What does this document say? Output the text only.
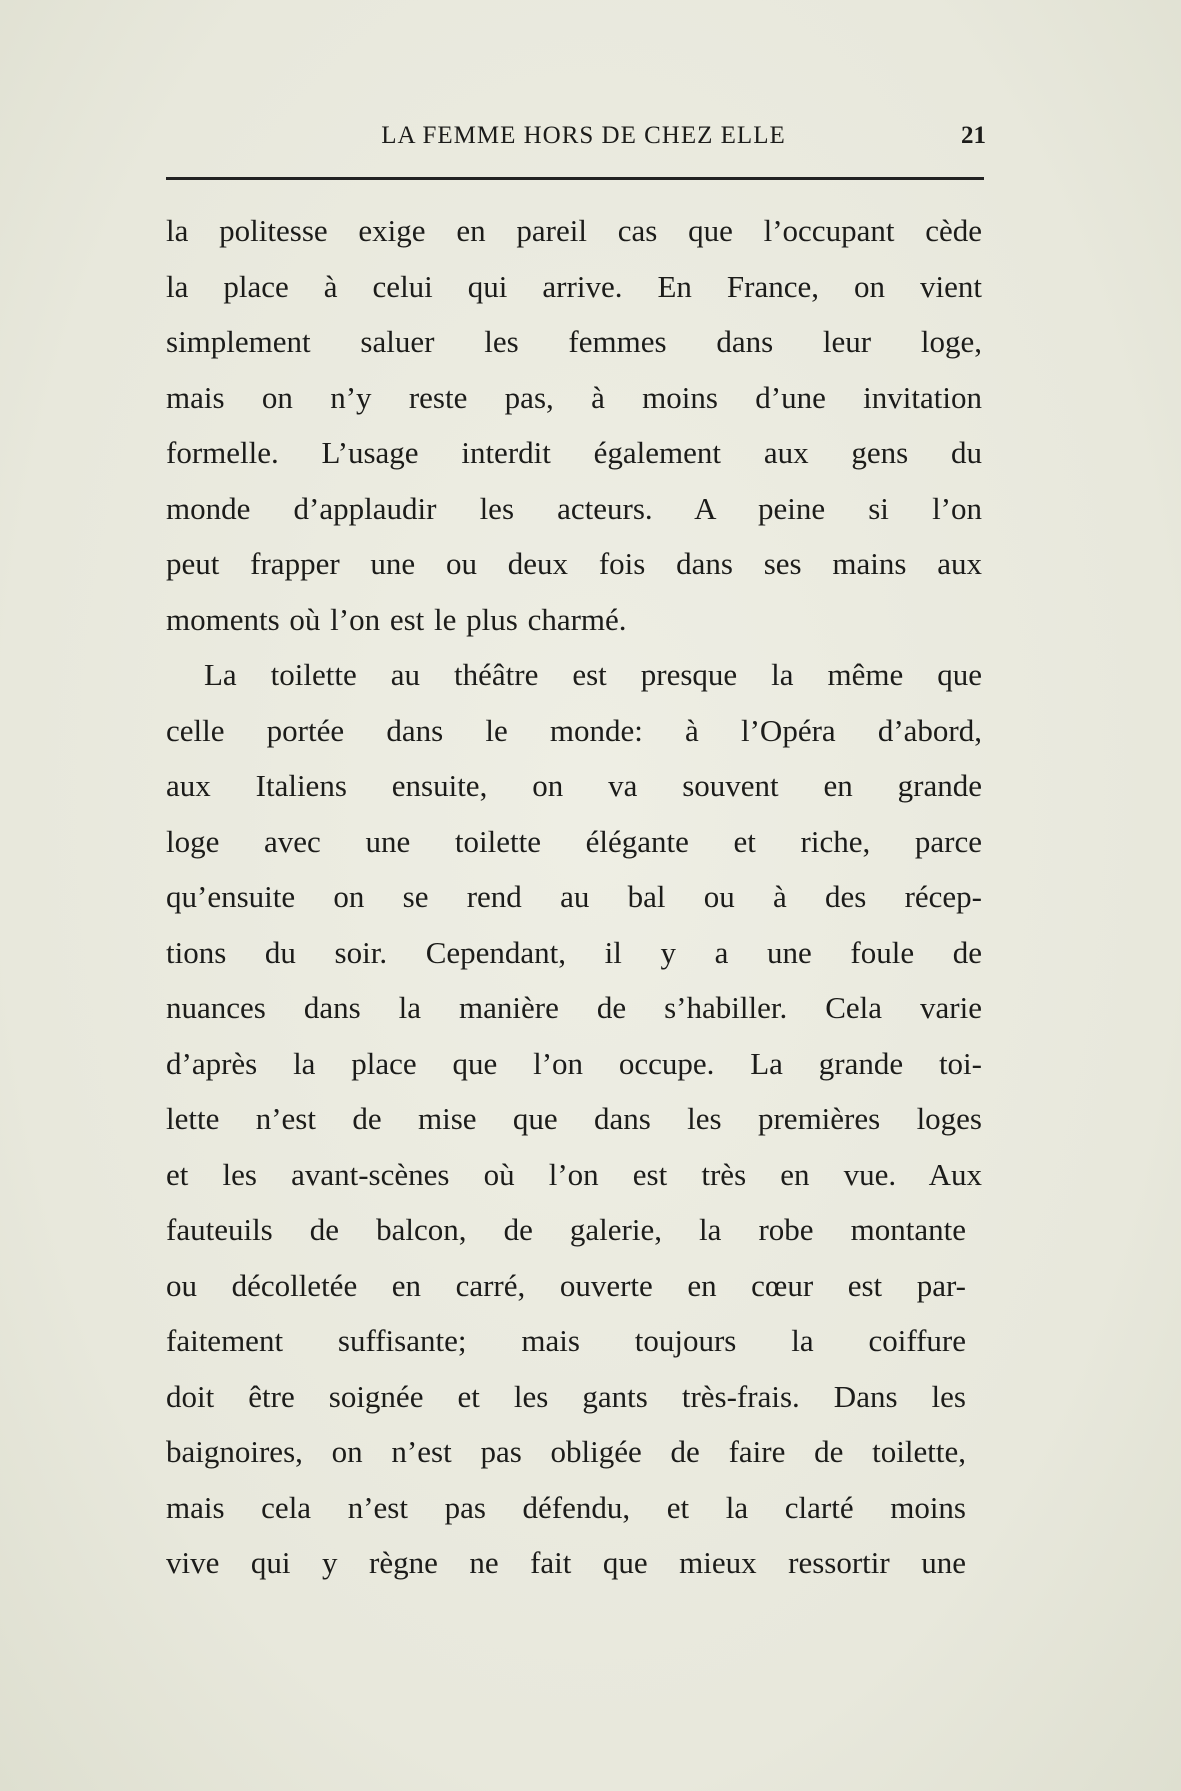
LA FEMME HORS DE CHEZ ELLE	21
la politesse exige en pareil cas que l’occupant cède
la place à celui qui arrive. En France, on vient
simplement saluer les femmes dans leur loge,
mais on n’y reste pas, à moins d’une invitation
formelle. L’usage interdit également aux gens du
monde d’applaudir les acteurs. A peine si l’on
peut frapper une ou deux fois dans ses mains aux
moments où l’on est le plus charmé.
La toilette au théâtre est presque la même que
celle portée dans le monde: à l’Opéra d’abord,
aux Italiens ensuite, on va souvent en grande
loge avec une toilette élégante et riche, parce
qu’ensuite on se rend au bal ou à des récep-
tions du soir. Cependant, il y a une foule de
nuances dans la manière de s’habiller. Cela varie
d’après la place que l’on occupe. La grande toi-
lette n’est de mise que dans les premières loges
et les avant-scènes où l’on est très en vue. Aux
fauteuils de balcon, de galerie, la robe montante
ou décolletée en carré, ouverte en cœur est par-
faitement suffisante; mais toujours la coiffure
doit être soignée et les gants très-frais. Dans les
baignoires, on n’est pas obligée de faire de toilette,
mais cela n’est pas défendu, et la clarté moins
vive qui y règne ne fait que mieux ressortir une
